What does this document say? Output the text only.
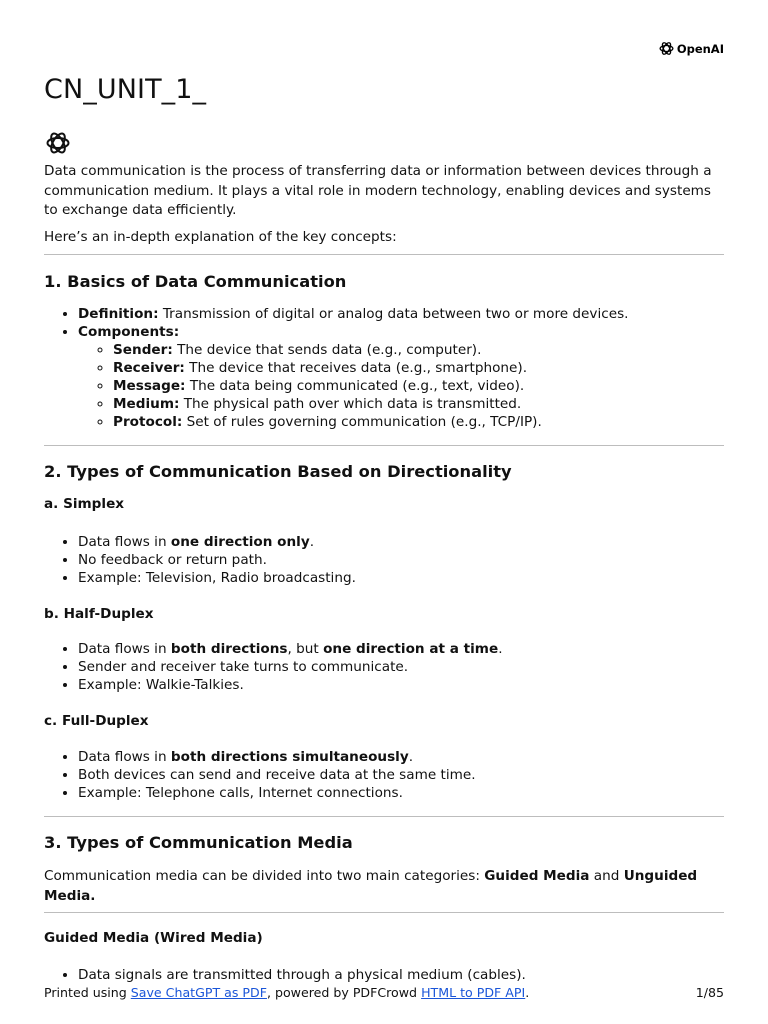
OpenAI
CN_UNIT_1_

Data communication is the process of transferring data or information between devices through a communication medium. It plays a vital role in modern technology, enabling devices and systems to exchange data efficiently.

Here’s an in-depth explanation of the key concepts:

1. Basics of Data Communication
• Definition: Transmission of digital or analog data between two or more devices.
• Components:
◦ Sender: The device that sends data (e.g., computer).
◦ Receiver: The device that receives data (e.g., smartphone).
◦ Message: The data being communicated (e.g., text, video).
◦ Medium: The physical path over which data is transmitted.
◦ Protocol: Set of rules governing communication (e.g., TCP/IP).
2. Types of Communication Based on Directionality
a. Simplex
• Data flows in one direction only.
• No feedback or return path.
• Example: Television, Radio broadcasting.
b. Half-Duplex
• Data flows in both directions, but one direction at a time.
• Sender and receiver take turns to communicate.
• Example: Walkie-Talkies.
c. Full-Duplex
• Data flows in both directions simultaneously.
• Both devices can send and receive data at the same time.
• Example: Telephone calls, Internet connections.
3. Types of Communication Media

Communication media can be divided into two main categories: Guided Media and Unguided Media.

Guided Media (Wired Media)
• Data signals are transmitted through a physical medium (cables).
Printed using Save ChatGPT as PDF, powered by PDFCrowd HTML to PDF API.	1/85
